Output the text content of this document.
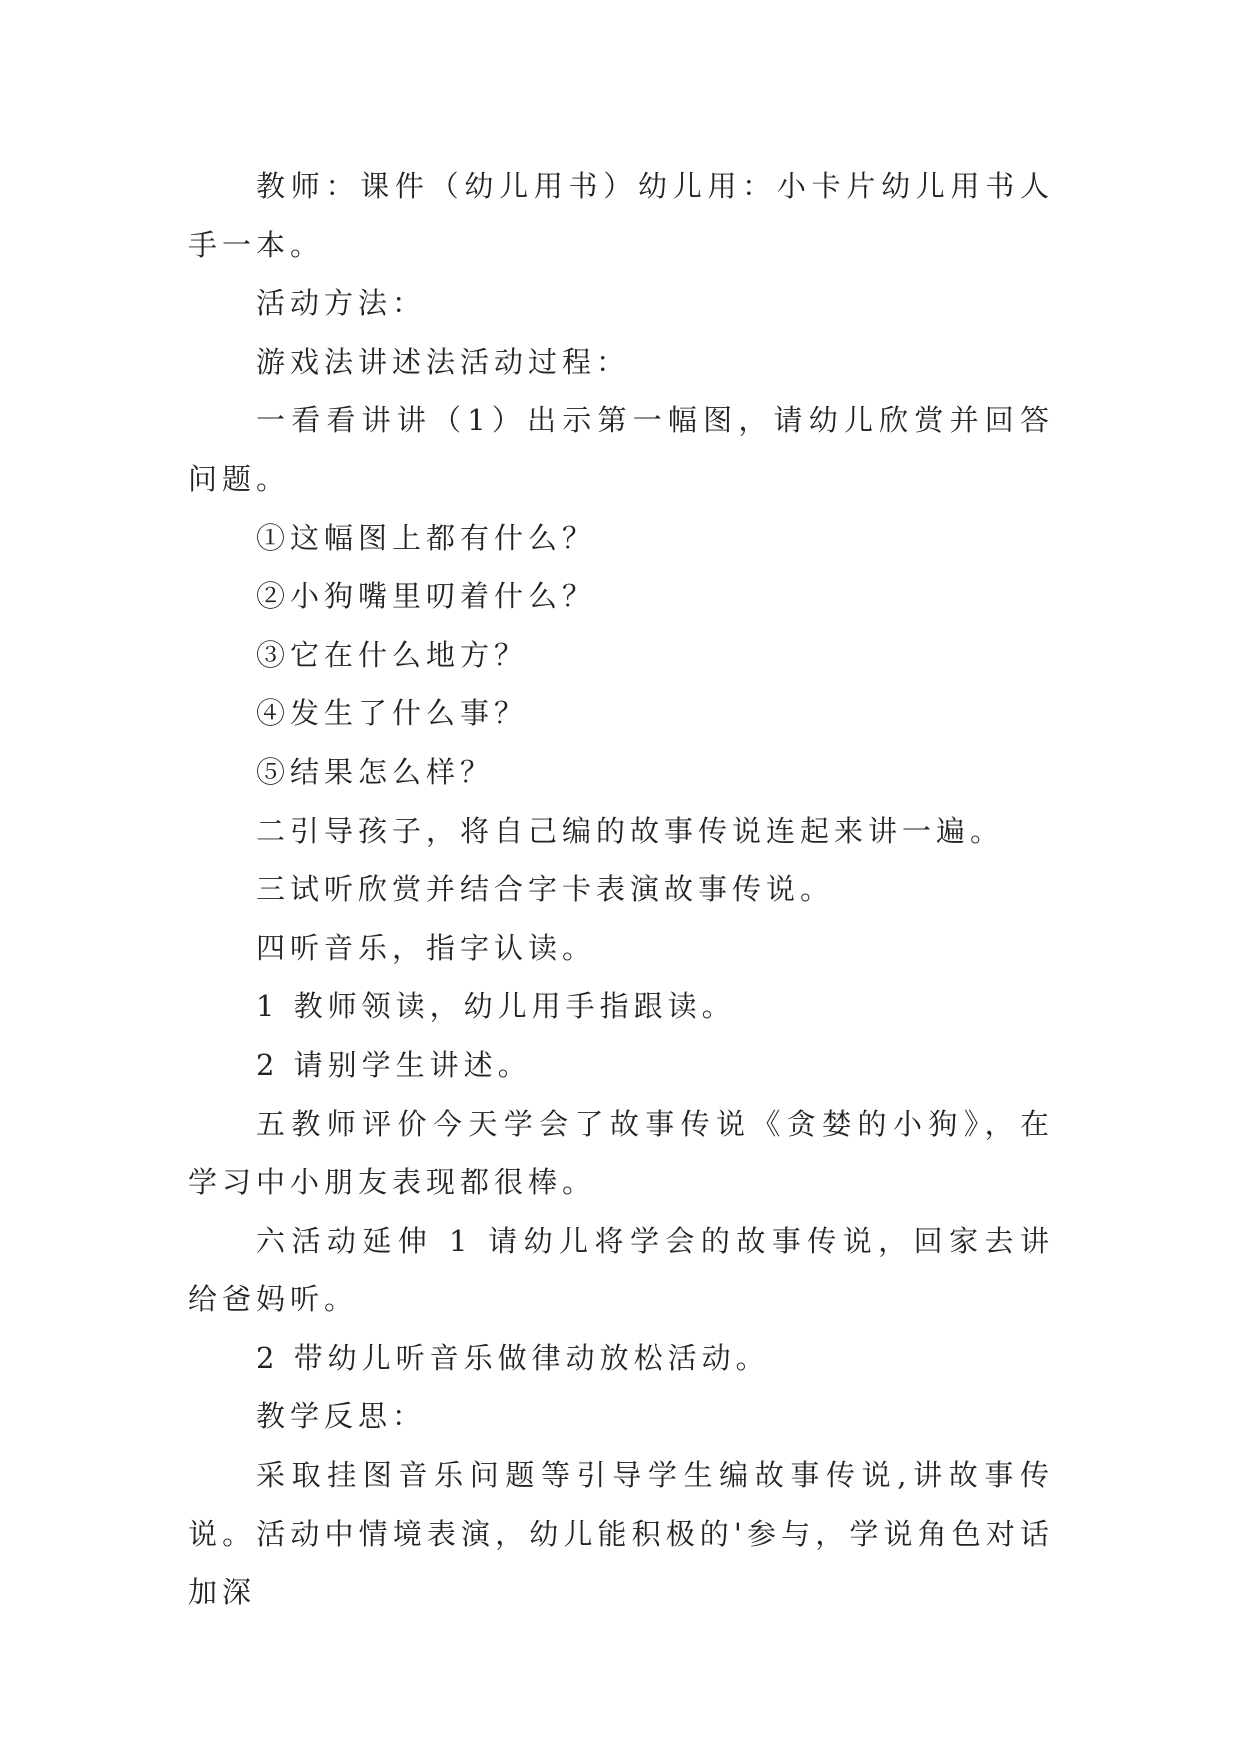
教师：课件（幼儿用书）幼儿用：小卡片幼儿用书人手一本。

活动方法：

游戏法讲述法活动过程：

一看看讲讲（1）出示第一幅图，请幼儿欣赏并回答问题。

①这幅图上都有什么？

②小狗嘴里叨着什么？

③它在什么地方？

④发生了什么事？

⑤结果怎么样？

二引导孩子，将自己编的故事传说连起来讲一遍。

三试听欣赏并结合字卡表演故事传说。

四听音乐，指字认读。

1 教师领读，幼儿用手指跟读。

2 请别学生讲述。

五教师评价今天学会了故事传说《贪婪的小狗》，在学习中小朋友表现都很棒。

六活动延伸 1 请幼儿将学会的故事传说，回家去讲给爸妈听。

2 带幼儿听音乐做律动放松活动。

教学反思：

采取挂图音乐问题等引导学生编故事传说,讲故事传说。活动中情境表演，幼儿能积极的'参与，学说角色对话加深
